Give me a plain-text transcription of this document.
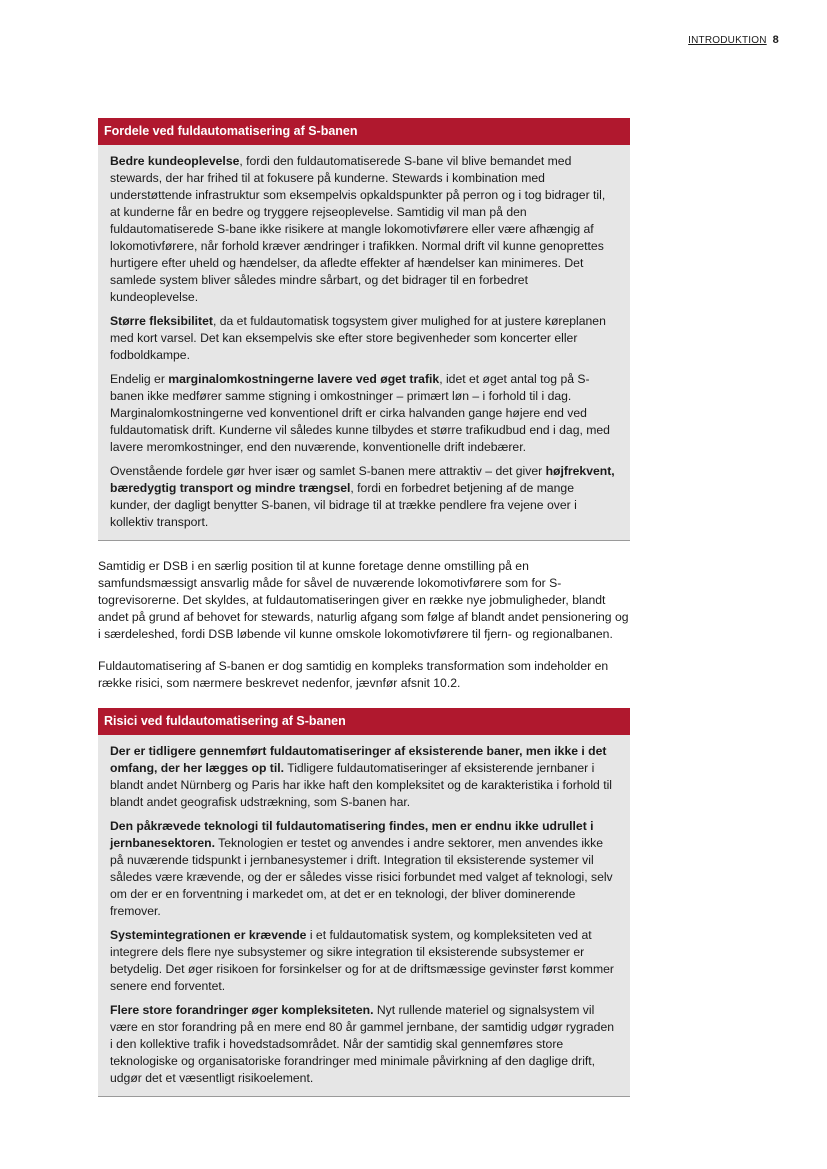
INTRODUKTION 8
Fordele ved fuldautomatisering af S-banen

Bedre kundeoplevelse, fordi den fuldautomatiserede S-bane vil blive bemandet med stewards, der har frihed til at fokusere på kunderne. Stewards i kombination med understøttende infrastruktur som eksempelvis opkaldspunkter på perron og i tog bidrager til, at kunderne får en bedre og tryggere rejseoplevelse. Samtidig vil man på den fuldautomatiserede S-bane ikke risikere at mangle lokomotivførere eller være afhængig af lokomotivførere, når forhold kræver ændringer i trafikken. Normal drift vil kunne genoprettes hurtigere efter uheld og hændelser, da afledte effekter af hændelser kan minimeres. Det samlede system bliver således mindre sårbart, og det bidrager til en forbedret kundeoplevelse.

Større fleksibilitet, da et fuldautomatisk togsystem giver mulighed for at justere køreplanen med kort varsel. Det kan eksempelvis ske efter store begivenheder som koncerter eller fodboldkampe.

Endelig er marginalomkostningerne lavere ved øget trafik, idet et øget antal tog på S-banen ikke medfører samme stigning i omkostninger – primært løn – i forhold til i dag. Marginalomkostningerne ved konventionel drift er cirka halvanden gange højere end ved fuldautomatisk drift. Kunderne vil således kunne tilbydes et større trafikudbud end i dag, med lavere meromkostninger, end den nuværende, konventionelle drift indebærer.

Ovenstående fordele gør hver især og samlet S-banen mere attraktiv – det giver højfrekvent, bæredygtig transport og mindre trængsel, fordi en forbedret betjening af de mange kunder, der dagligt benytter S-banen, vil bidrage til at trække pendlere fra vejene over i kollektiv transport.

Samtidig er DSB i en særlig position til at kunne foretage denne omstilling på en samfundsmæssigt ansvarlig måde for såvel de nuværende lokomotivførere som for S-togrevisorerne. Det skyldes, at fuldautomatiseringen giver en række nye jobmuligheder, blandt andet på grund af behovet for stewards, naturlig afgang som følge af blandt andet pensionering og i særdeleshed, fordi DSB løbende vil kunne omskole lokomotivførere til fjern- og regionalbanen.

Fuldautomatisering af S-banen er dog samtidig en kompleks transformation som indeholder en række risici, som nærmere beskrevet nedenfor, jævnfør afsnit 10.2.

Risici ved fuldautomatisering af S-banen

Der er tidligere gennemført fuldautomatiseringer af eksisterende baner, men ikke i det omfang, der her lægges op til. Tidligere fuldautomatiseringer af eksisterende jernbaner i blandt andet Nürnberg og Paris har ikke haft den kompleksitet og de karakteristika i forhold til blandt andet geografisk udstrækning, som S-banen har.

Den påkrævede teknologi til fuldautomatisering findes, men er endnu ikke udrullet i jernbanesektoren. Teknologien er testet og anvendes i andre sektorer, men anvendes ikke på nuværende tidspunkt i jernbanesystemer i drift. Integration til eksisterende systemer vil således være krævende, og der er således visse risici forbundet med valget af teknologi, selv om der er en forventning i markedet om, at det er en teknologi, der bliver dominerende fremover.

Systemintegrationen er krævende i et fuldautomatisk system, og kompleksiteten ved at integrere dels flere nye subsystemer og sikre integration til eksisterende subsystemer er betydelig. Det øger risikoen for forsinkelser og for at de driftsmæssige gevinster først kommer senere end forventet.

Flere store forandringer øger kompleksiteten. Nyt rullende materiel og signalsystem vil være en stor forandring på en mere end 80 år gammel jernbane, der samtidig udgør rygraden i den kollektive trafik i hovedstadsområdet. Når der samtidig skal gennemføres store teknologiske og organisatoriske forandringer med minimale påvirkning af den daglige drift, udgør det et væsentligt risikoelement.
